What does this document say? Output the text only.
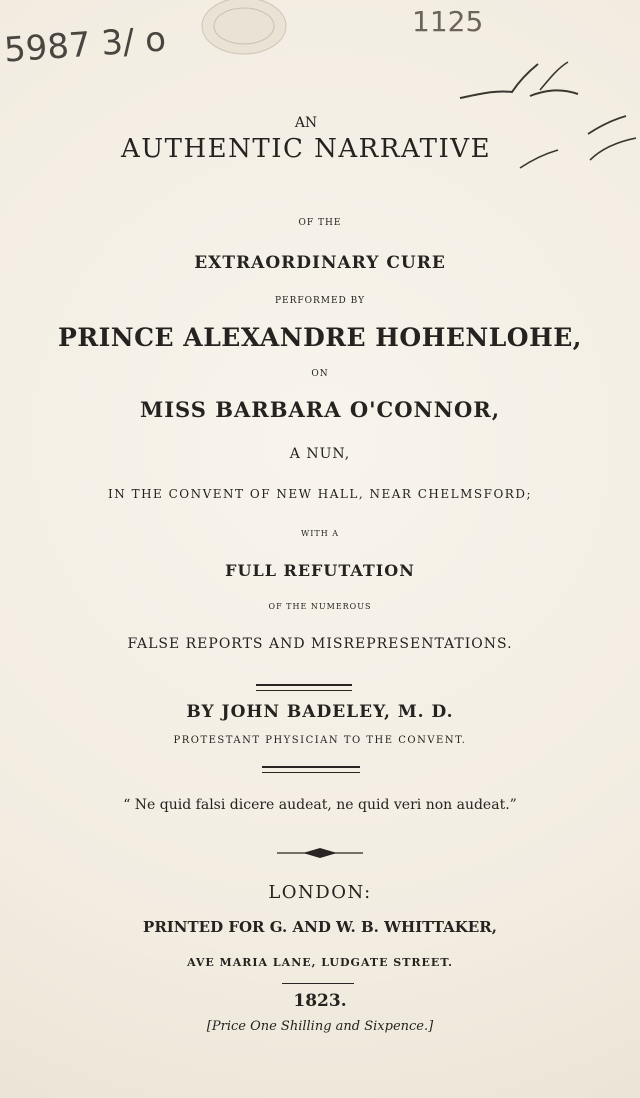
5987 3/ o	1125
AN
AUTHENTIC NARRATIVE
OF THE
EXTRAORDINARY CURE
PERFORMED BY
PRINCE ALEXANDRE HOHENLOHE,
ON
MISS BARBARA O'CONNOR,
A NUN,
IN THE CONVENT OF NEW HALL, NEAR CHELMSFORD;
WITH A
FULL REFUTATION
OF THE NUMEROUS
FALSE REPORTS AND MISREPRESENTATIONS.
BY JOHN BADELEY, M. D.
PROTESTANT PHYSICIAN TO THE CONVENT.
“ Ne quid falsi dicere audeat, ne quid veri non audeat.”
LONDON:
PRINTED FOR G. AND W. B. WHITTAKER,
AVE MARIA LANE, LUDGATE STREET.
1823.
[Price One Shilling and Sixpence.]
